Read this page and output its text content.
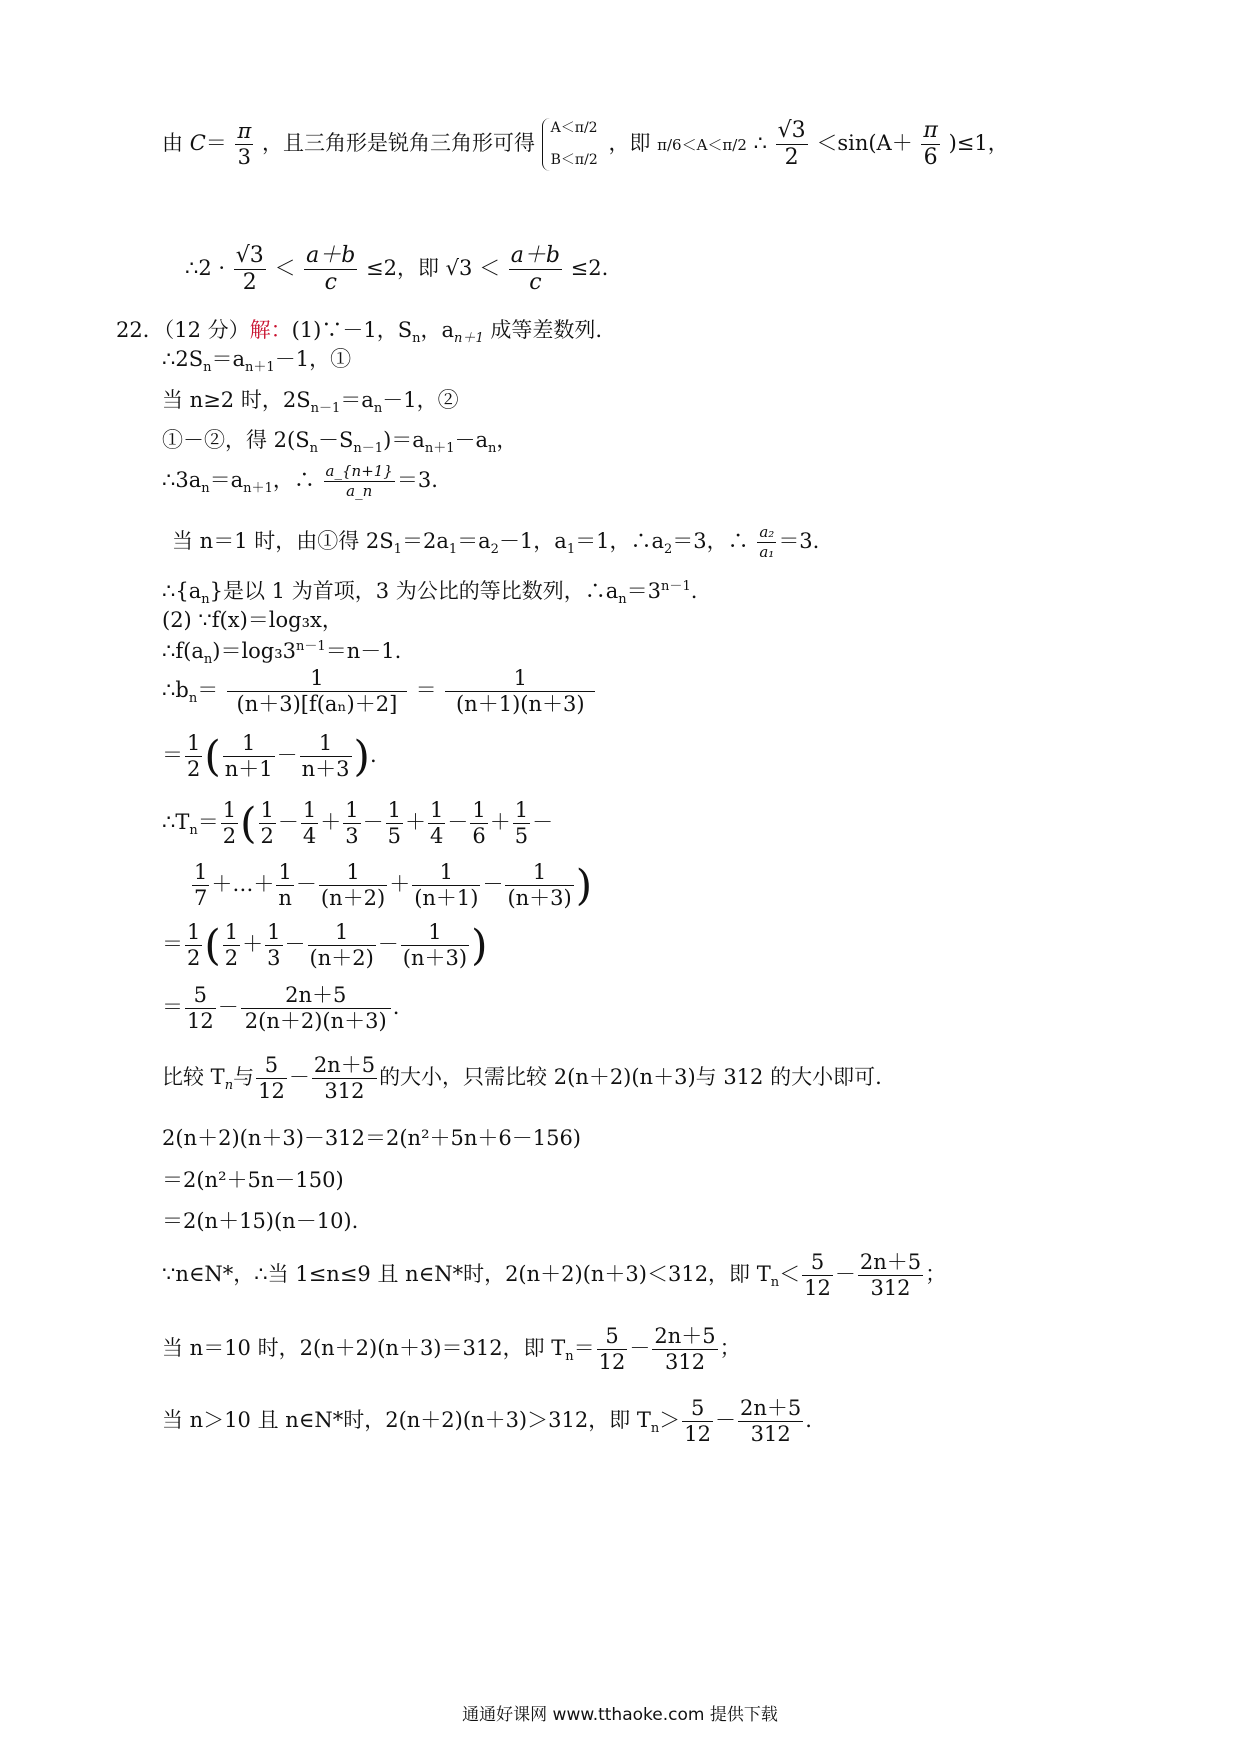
由 $C= \frac{\pi}{3}$ ，且三角形是锐角三角形可得
A＜π/2
B＜π/2
，即 π/6＜A＜π/2 ∴ $\frac{√3}{2} <\sin(A+ \frac{\pi}{6} )\le 1$，
∴2 · $\frac{√3}{2} < \frac{a+b}{c} \le 2$，即 $√3 < \frac{a+b}{c} \le 2$.
22．（12 分）解：(1)∵－1，$S_n$，$a_{n+1}$ 成等差数列.
$\therefore 2S_n=a_{n+1}-1$，①
当 n≥2 时，$2S_{n-1}=a_n-1$，②
①－②，得 $2(S_n-S_{n-1})=a_{n+1}-a_n$，
$\therefore 3a_n=a_{n+1}$，∴ $\frac{a\_\{n+1\}}{a\_n} =3$.
当 n＝1 时，由①得 $2S_1=2a_1=a_2-1$，$a_1=1$，$\therefore a_2=3$，∴ $\frac{\text{a₂}}{\text{a₁}} =3$.
$\therefore\{a_n\}$是以 1 为首项，3 为公比的等比数列，$\therefore a_n=3^{n-1}$.
(2) ∵f(x)＝log₃x，
$\therefore f(a_n)=\log_33^{n-1}=n-1$.
$\therefore b_n= \frac{1}{\text{(n＋3)[f(aₙ)＋2]}} = \frac{1}{(n+1)(n+3)}$
＝ $\frac{1}{2}$ ( $\frac{1}{n+1} - \frac{1}{n+3}$ ).
$\therefore T_n= \frac{1}{2}$ ( $\frac{1}{2} - \frac{1}{4} + \frac{1}{3} - \frac{1}{5} + \frac{1}{4} - \frac{1}{6} + \frac{1}{5}$ －
$\frac{1}{7}$ ＋…＋ $\frac{1}{n} - \frac{1}{(n+2)} + \frac{1}{(n+1)} - \frac{1}{(n+3)}$ )
＝ $\frac{1}{2}$ ( $\frac{1}{2} + \frac{1}{3} - \frac{1}{(n+2)} - \frac{1}{(n+3)}$ )
＝ $\frac{5}{12} - \frac{2n+5}{2(n+2)(n+3)}$ .
比较 $T_n$与 $\frac{5}{12} - \frac{2n+5}{312}$ 的大小，只需比较 2(n＋2)(n＋3)与 312 的大小即可.
2(n＋2)(n＋3)－312＝2(n²＋5n＋6－156)
＝2(n²＋5n－150)
＝2(n＋15)(n－10).
∵n∈N*，∴当 1≤n≤9 且 n∈N*时，2(n＋2)(n＋3)＜312，即 $T_n< \frac{5}{12} - \frac{2n+5}{312}$ ；
当 n＝10 时，2(n＋2)(n＋3)＝312，即 $T_n= \frac{5}{12} - \frac{2n+5}{312}$ ；
当 n＞10 且 n∈N*时，2(n＋2)(n＋3)＞312，即 $T_n> \frac{5}{12} - \frac{2n+5}{312}$ .
通通好课网 www.tthaoke.com 提供下载
